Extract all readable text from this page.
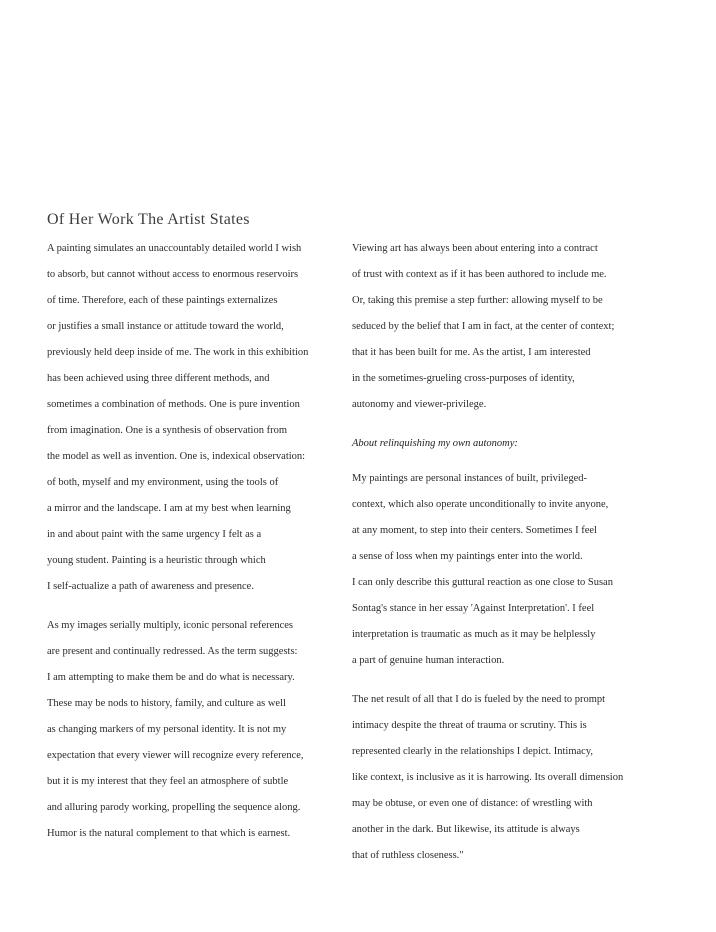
Of Her Work The Artist States
A painting simulates an unaccountably detailed world I wish
to absorb, but cannot without access to enormous reservoirs
of time. Therefore, each of these paintings externalizes
or justifies a small instance or attitude toward the world,
previously held deep inside of me. The work in this exhibition
has been achieved using three different methods, and
sometimes a combination of methods. One is pure invention
from imagination. One is a synthesis of observation from
the model as well as invention. One is, indexical observation:
of both, myself and my environment, using the tools of
a mirror and the landscape. I am at my best when learning
in and about paint with the same urgency I felt as a
young student. Painting is a heuristic through which
I self-actualize a path of awareness and presence.
As my images serially multiply, iconic personal references
are present and continually redressed. As the term suggests:
I am attempting to make them be and do what is necessary.
These may be nods to history, family, and culture as well
as changing markers of my personal identity. It is not my
expectation that every viewer will recognize every reference,
but it is my interest that they feel an atmosphere of subtle
and alluring parody working, propelling the sequence along.
Humor is the natural complement to that which is earnest.
Viewing art has always been about entering into a contract
of trust with context as if it has been authored to include me.
Or, taking this premise a step further: allowing myself to be
seduced by the belief that I am in fact, at the center of context;
that it has been built for me. As the artist, I am interested
in the sometimes-grueling cross-purposes of identity,
autonomy and viewer-privilege.
About relinquishing my own autonomy:
My paintings are personal instances of built, privileged-
context, which also operate unconditionally to invite anyone,
at any moment, to step into their centers. Sometimes I feel
a sense of loss when my paintings enter into the world.
I can only describe this guttural reaction as one close to Susan
Sontag's stance in her essay 'Against Interpretation'. I feel
interpretation is traumatic as much as it may be helplessly
a part of genuine human interaction.
The net result of all that I do is fueled by the need to prompt
intimacy despite the threat of trauma or scrutiny. This is
represented clearly in the relationships I depict. Intimacy,
like context, is inclusive as it is harrowing. Its overall dimension
may be obtuse, or even one of distance: of wrestling with
another in the dark. But likewise, its attitude is always
that of ruthless closeness."
